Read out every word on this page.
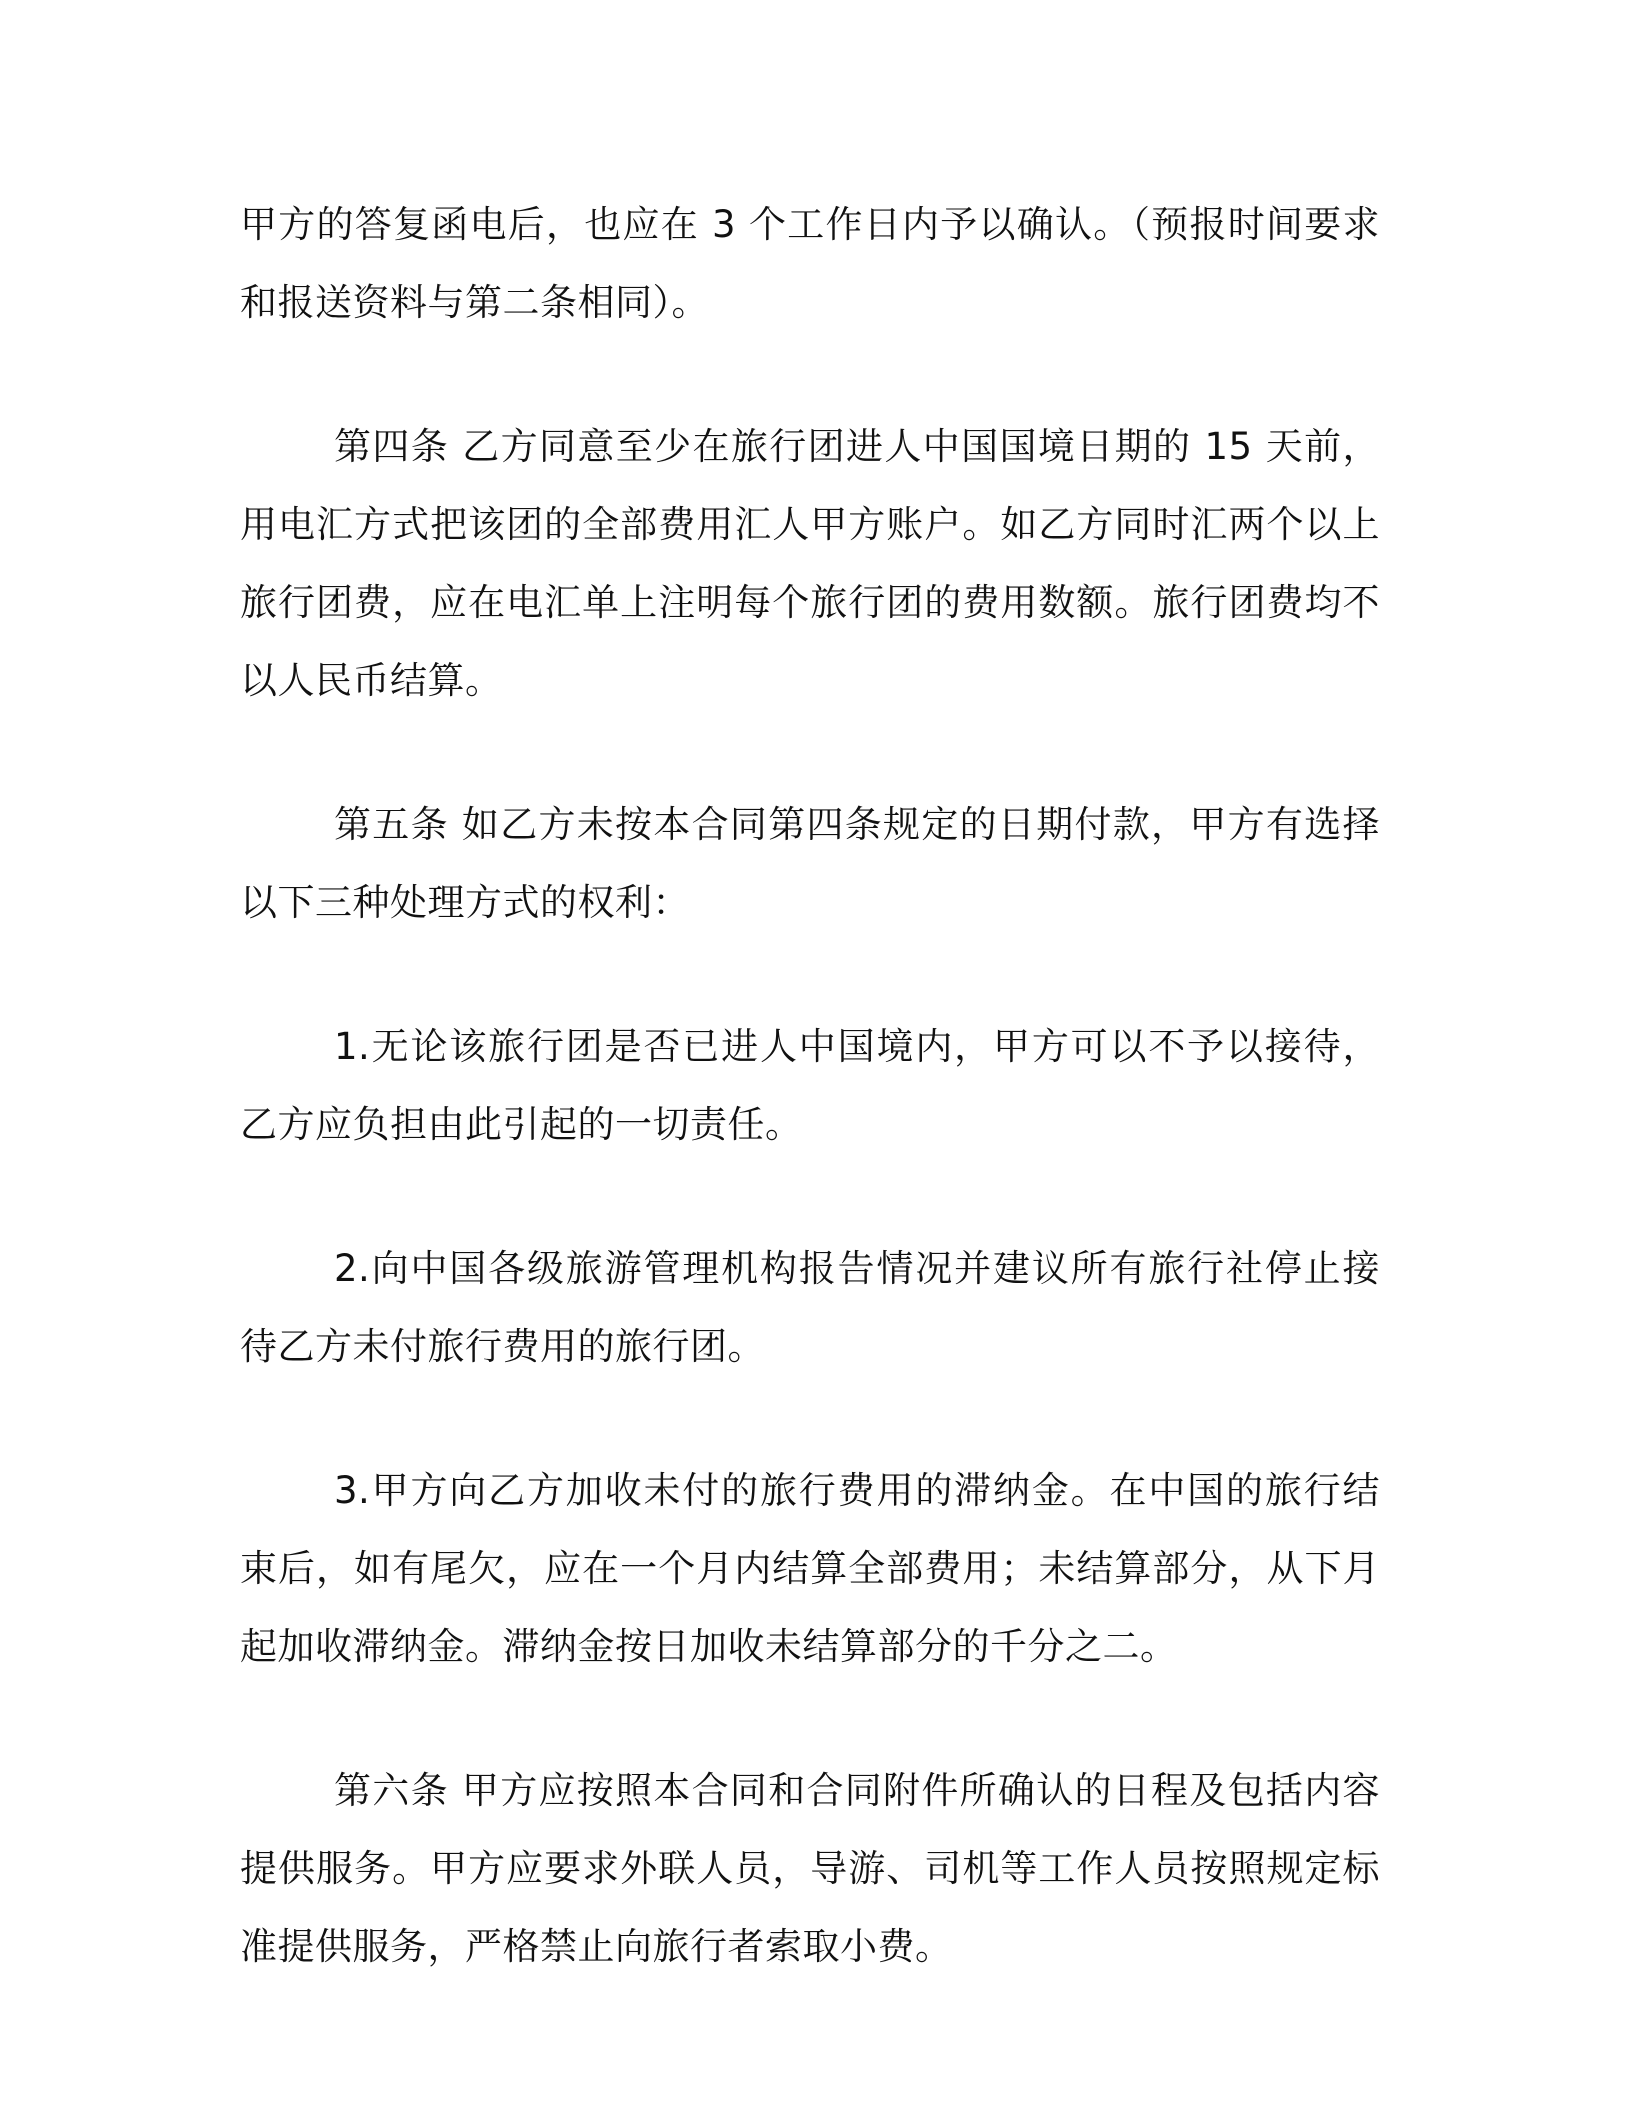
甲方的答复函电后，也应在 3 个工作日内予以确认。（预报时间要求和报送资料与第二条相同）。

第四条 乙方同意至少在旅行团进人中国国境日期的 15 天前，用电汇方式把该团的全部费用汇人甲方账户。如乙方同时汇两个以上旅行团费，应在电汇单上注明每个旅行团的费用数额。旅行团费均不以人民币结算。

第五条 如乙方未按本合同第四条规定的日期付款，甲方有选择以下三种处理方式的权利：

1.无论该旅行团是否已进人中国境内，甲方可以不予以接待，乙方应负担由此引起的一切责任。

2.向中国各级旅游管理机构报告情况并建议所有旅行社停止接待乙方未付旅行费用的旅行团。

3.甲方向乙方加收未付的旅行费用的滞纳金。在中国的旅行结束后，如有尾欠，应在一个月内结算全部费用；未结算部分，从下月起加收滞纳金。滞纳金按日加收未结算部分的千分之二。

第六条 甲方应按照本合同和合同附件所确认的日程及包括内容提供服务。甲方应要求外联人员，导游、司机等工作人员按照规定标准提供服务，严格禁止向旅行者索取小费。
